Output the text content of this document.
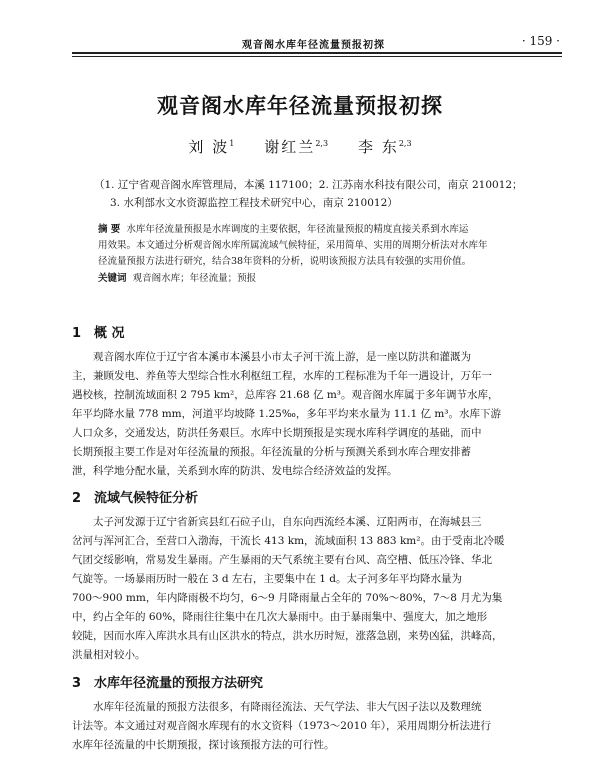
观音阁水库年径流量预报初探	· 159 ·
观音阁水库年径流量预报初探
刘 波$^1$ 谢红兰$^{2,3}$ 李 东$^{2,3}$
（1. 辽宁省观音阁水库管理局，本溪 117100；2. 江苏南水科技有限公司，南京 210012；
3. 水利部水文水资源监控工程技术研究中心，南京 210012）
摘 要 水库年径流量预报是水库调度的主要依据，年径流量预报的精度直接关系到水库运
用效果。本文通过分析观音阁水库所属流域气候特征，采用简单、实用的周期分析法对水库年
径流量预报方法进行研究，结合38年资料的分析，说明该预报方法具有较强的实用价值。
关键词 观音阁水库；年径流量；预报
1 概 况
观音阁水库位于辽宁省本溪市本溪县小市太子河干流上游，是一座以防洪和灌溉为
主，兼顾发电、养鱼等大型综合性水利枢纽工程，水库的工程标准为千年一遇设计，万年一
遇校核，控制流域面积 2 795 km²，总库容 21.68 亿 m³。观音阁水库属于多年调节水库，
年平均降水量 778 mm，河道平均坡降 1.25‰，多年平均来水量为 11.1 亿 m³。水库下游
人口众多，交通发达，防洪任务艰巨。水库中长期预报是实现水库科学调度的基础，而中
长期预报主要工作是对年径流量的预报。年径流量的分析与预测关系到水库合理安排蓄
泄，科学地分配水量，关系到水库的防洪、发电综合经济效益的发挥。
2 流域气候特征分析
太子河发源于辽宁省新宾县红石砬子山，自东向西流经本溪、辽阳两市，在海城县三
岔河与浑河汇合，至营口入渤海，干流长 413 km，流域面积 13 883 km²。由于受南北冷暖
气团交绥影响，常易发生暴雨。产生暴雨的天气系统主要有台风、高空槽、低压冷锋、华北
气旋等。一场暴雨历时一般在 3 d 左右，主要集中在 1 d。太子河多年平均降水量为
700～900 mm，年内降雨极不均匀，6～9 月降雨量占全年的 70%～80%，7～8 月尤为集
中，约占全年的 60%，降雨往往集中在几次大暴雨中。由于暴雨集中、强度大，加之地形
较陡，因而水库入库洪水具有山区洪水的特点，洪水历时短，涨落急剧，来势凶猛，洪峰高，
洪量相对较小。
3 水库年径流量的预报方法研究
水库年径流量的预报方法很多，有降雨径流法、天气学法、非大气因子法以及数理统
计法等。本文通过对观音阁水库现有的水文资料（1973～2010 年），采用周期分析法进行
水库年径流量的中长期预报，探讨该预报方法的可行性。
